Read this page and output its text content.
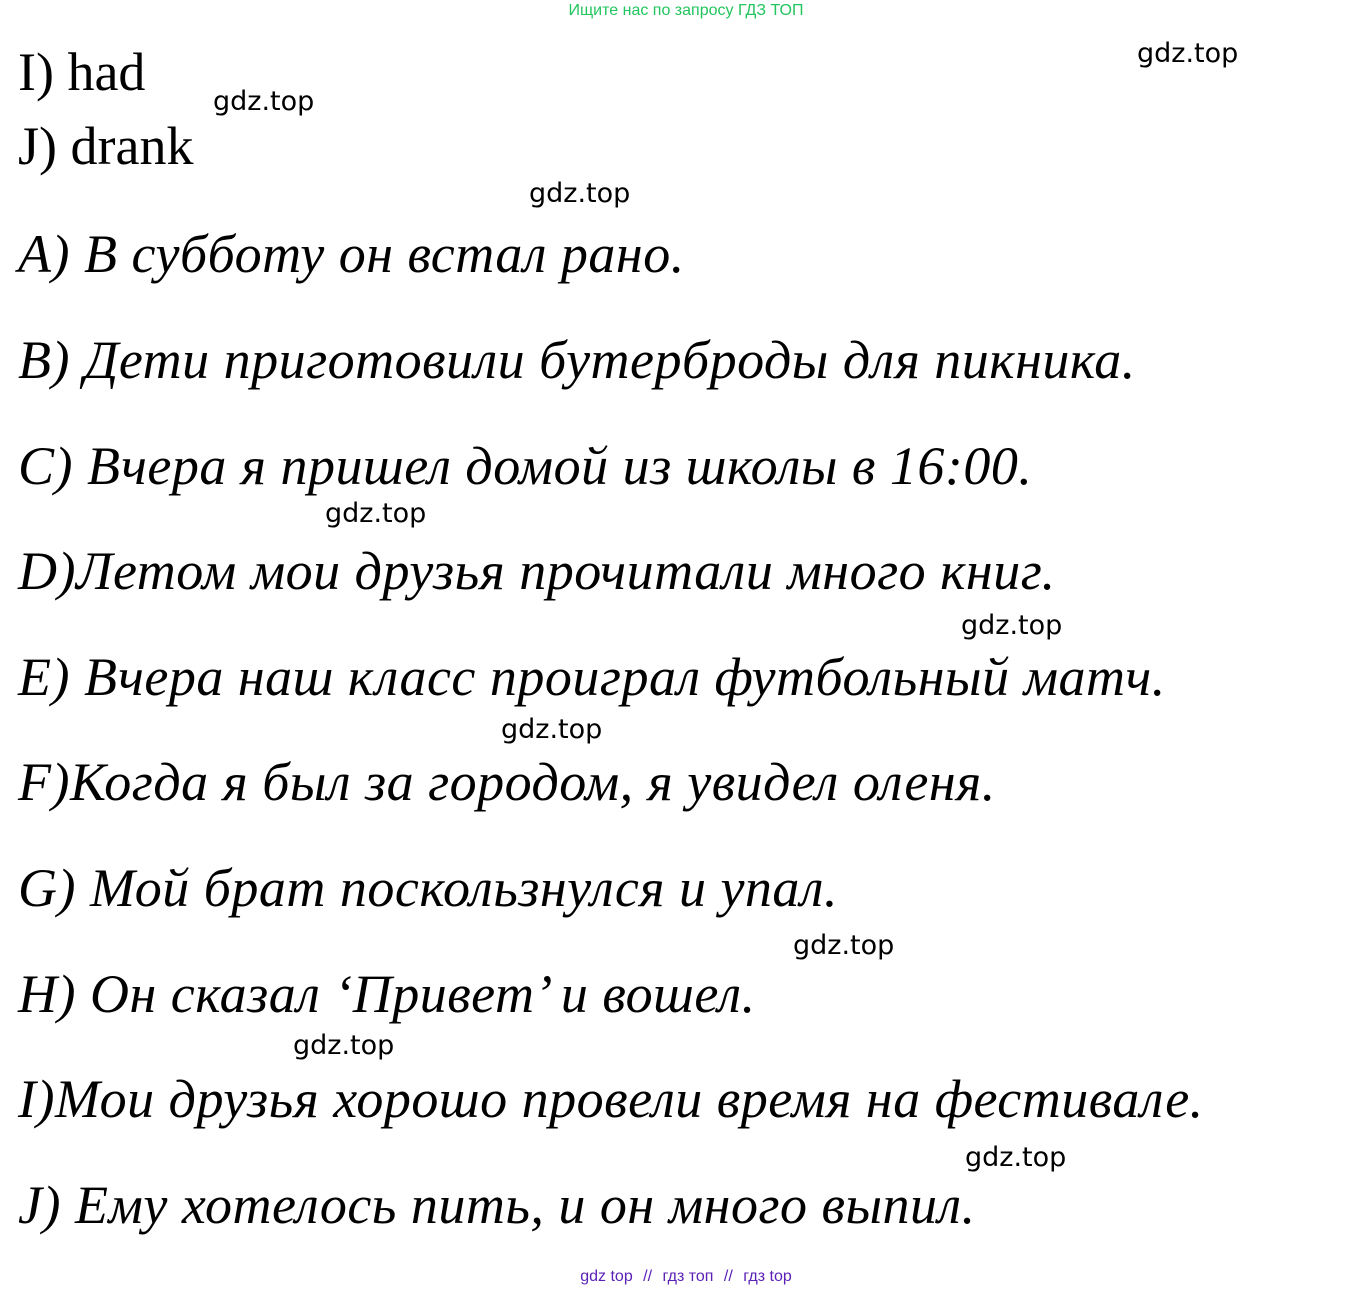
Ищите нас по запросу ГДЗ ТОП
I) had
J) drank
A) В субботу он встал рано.
B) Дети приготовили бутерброды для пикника.
C) Вчера я пришел домой из школы в 16:00.
D)Летом мои друзья прочитали много книг.
E) Вчера наш класс проиграл футбольный матч.
F)Когда я был за городом, я увидел оленя.
G) Мой брат поскользнулся и упал.
H) Он сказал ‘Привет’ и вошел.
I)Мои друзья хорошо провели время на фестивале.
J) Ему хотелось пить, и он много выпил.
gdz.top
gdz.top
gdz.top
gdz.top
gdz.top
gdz.top
gdz.top
gdz.top
gdz.top
gdz top // гдз топ // гдз top
